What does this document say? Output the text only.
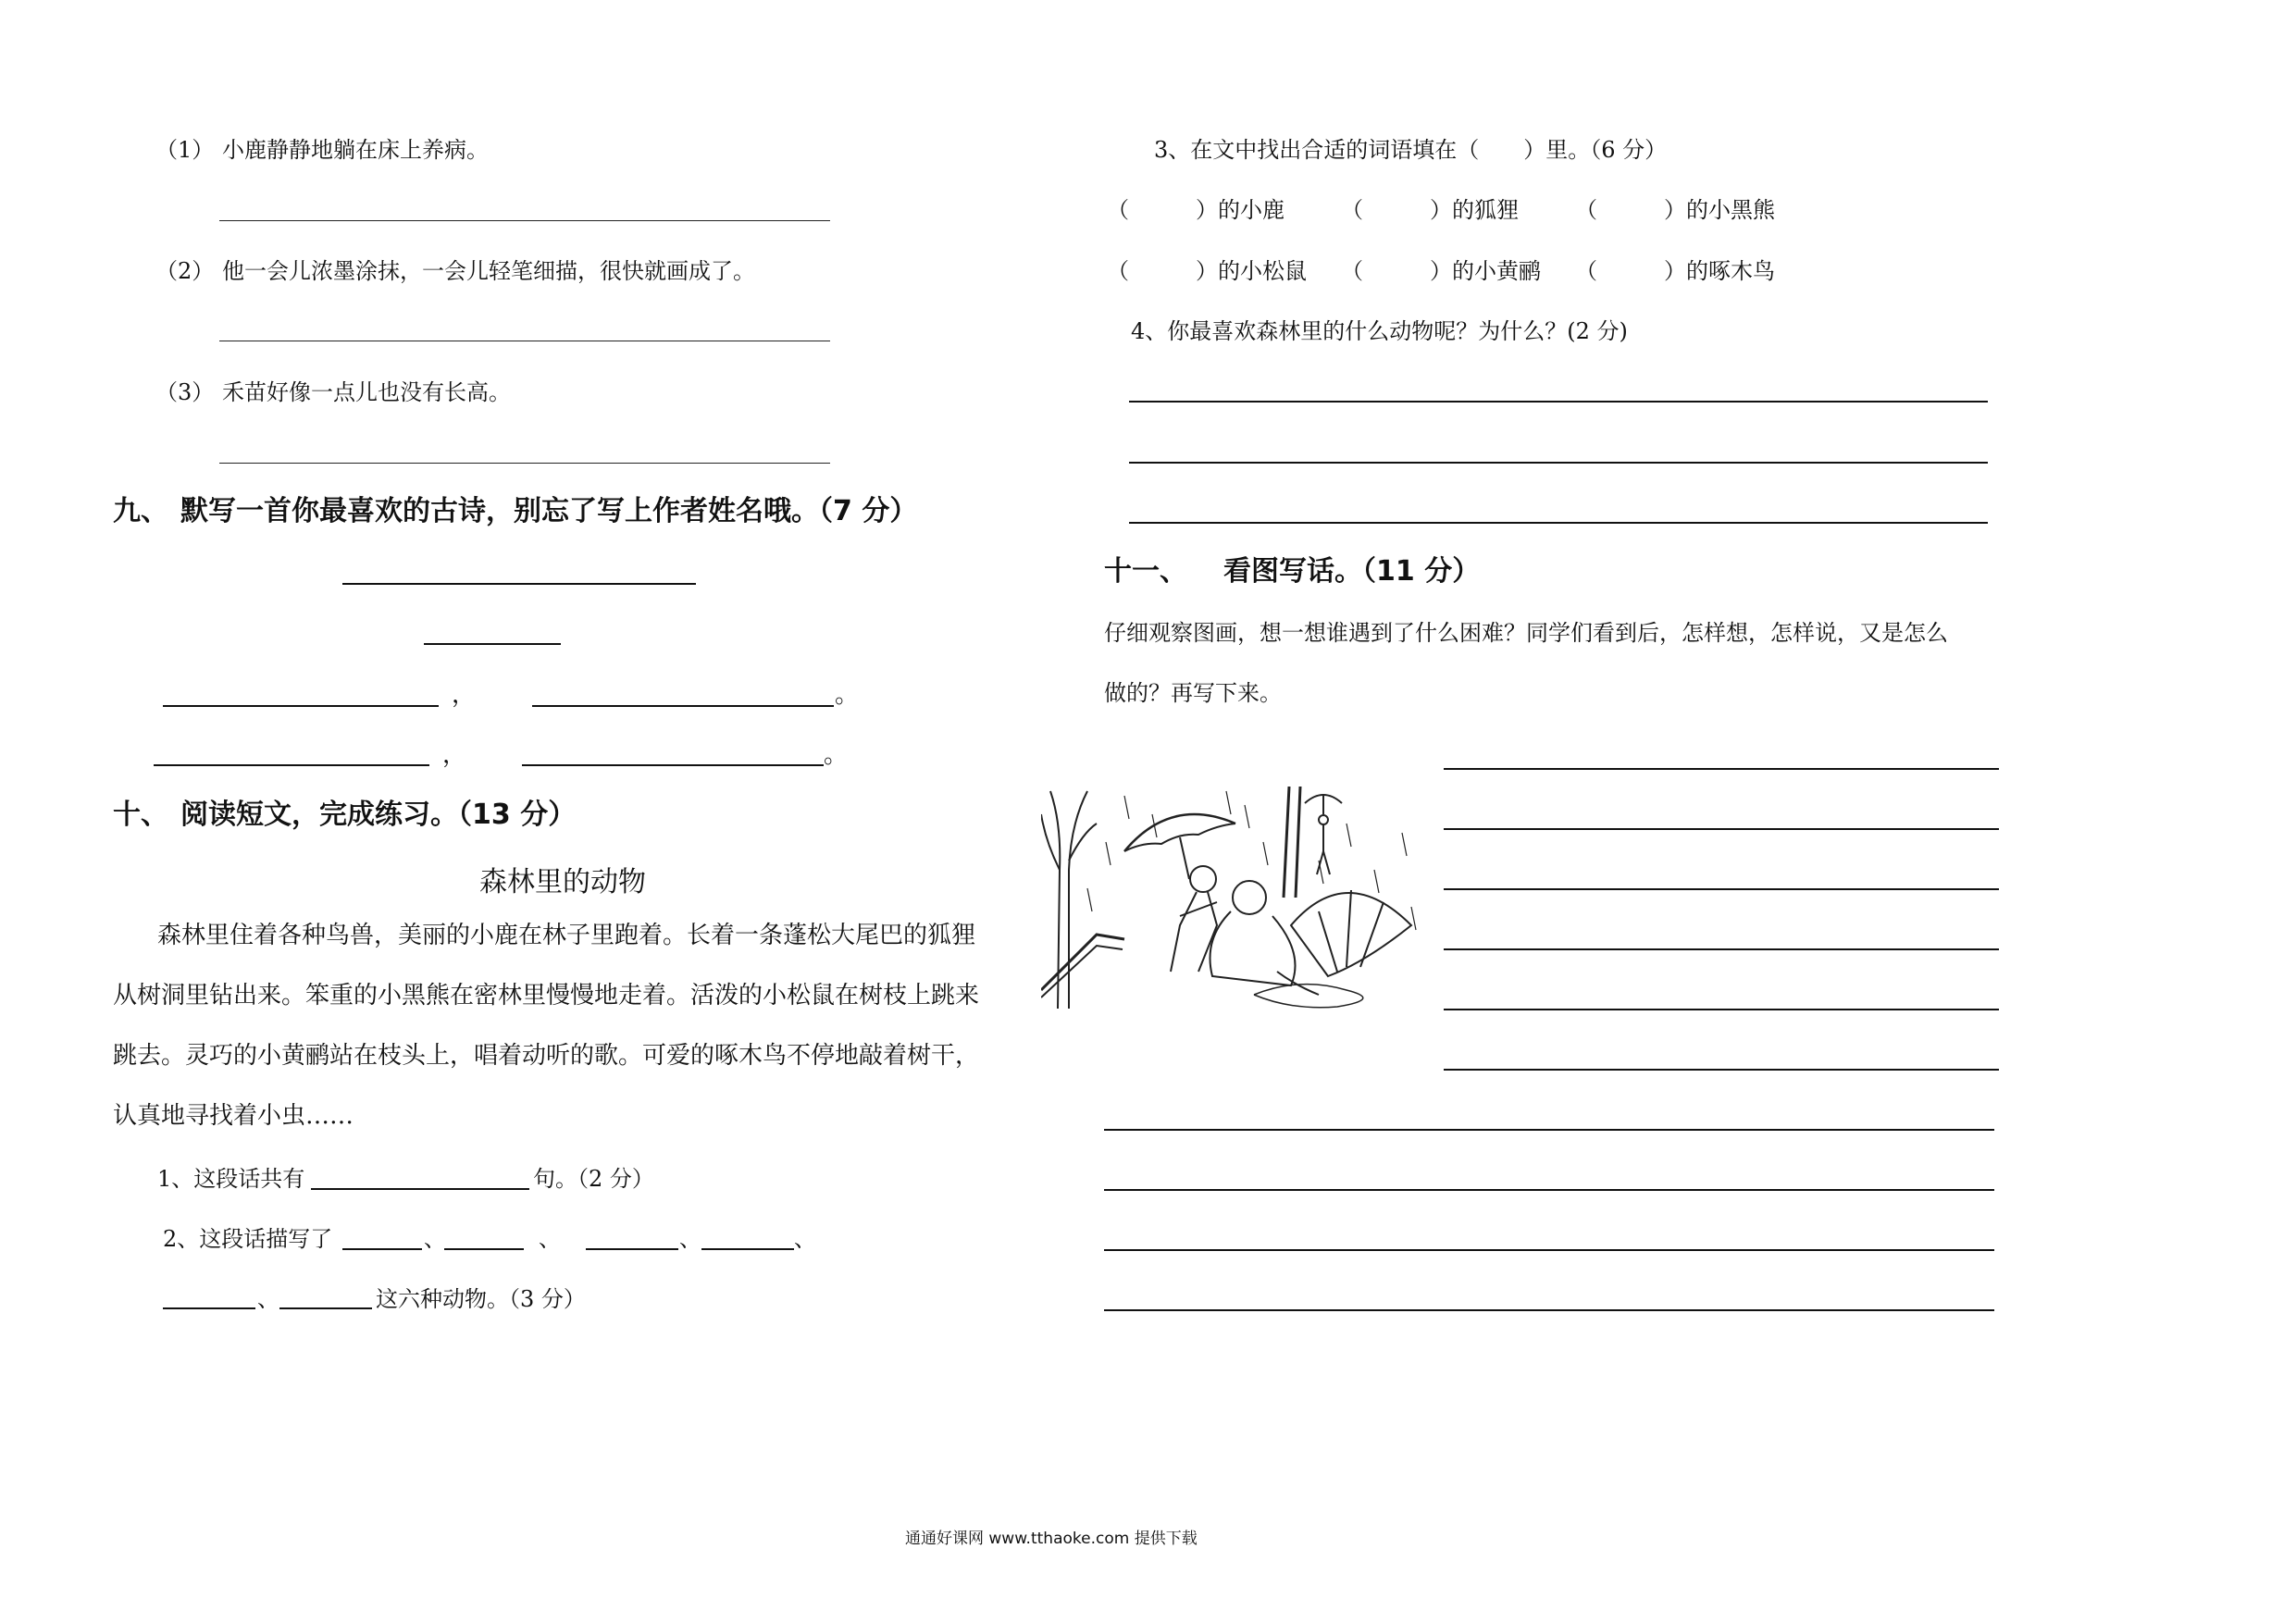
（1） 小鹿静静地躺在床上养病。
（2） 他一会儿浓墨涂抹，一会儿轻笔细描，很快就画成了。
（3） 禾苗好像一点儿也没有长高。
九、 默写一首你最喜欢的古诗，别忘了写上作者姓名哦。（7 分）
，	。
，	。
十、 阅读短文，完成练习。（13 分）
森林里的动物
森林里住着各种鸟兽，美丽的小鹿在林子里跑着。长着一条蓬松大尾巴的狐狸
从树洞里钻出来。笨重的小黑熊在密林里慢慢地走着。活泼的小松鼠在树枝上跳来
跳去。灵巧的小黄鹂站在枝头上，唱着动听的歌。可爱的啄木鸟不停地敲着树干，
认真地寻找着小虫……
1、这段话共有	句。（2 分）
2、这段话描写了	、	、	、	、
、	这六种动物。（3 分）
3、在文中找出合适的词语填在（　　）里。（6 分）
（　　　）的小鹿	（　　　）的狐狸	（　　　）的小黑熊
（　　　）的小松鼠 （　　　）的小黄鹂 （　　　）的啄木鸟
4、你最喜欢森林里的什么动物呢？为什么？(2 分)
十一、 看图写话。（11 分）
仔细观察图画，想一想谁遇到了什么困难？同学们看到后，怎样想，怎样说，又是怎么
做的？再写下来。
通通好课网 www.tthaoke.com 提供下载
